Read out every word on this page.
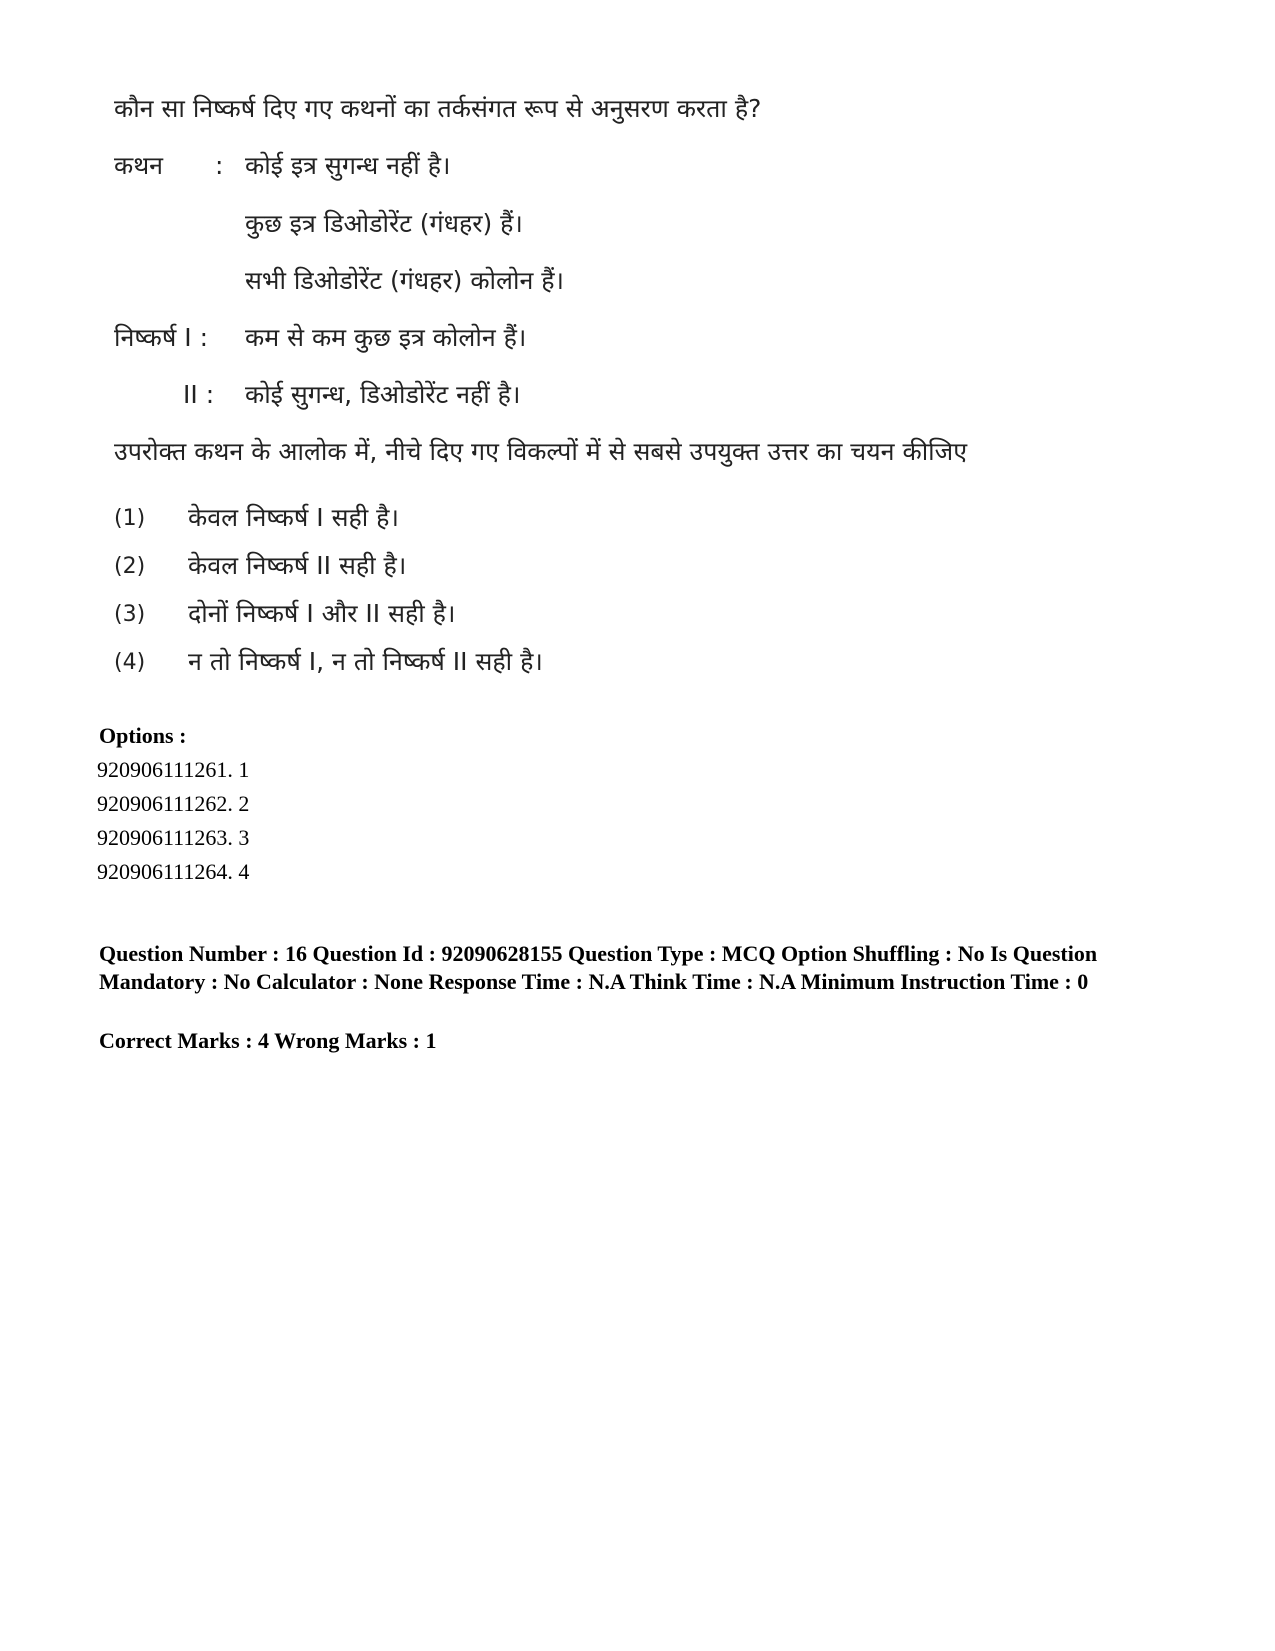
कौन सा निष्कर्ष दिए गए कथनों का तर्कसंगत रूप से अनुसरण करता है?
कथन : कोई इत्र सुगन्ध नहीं है।
कुछ इत्र डिओडोरेंट (गंधहर) हैं।
सभी डिओडोरेंट (गंधहर) कोलोन हैं।
निष्कर्ष I : कम से कम कुछ इत्र कोलोन हैं।
II : कोई सुगन्ध, डिओडोरेंट नहीं है।
उपरोक्त कथन के आलोक में, नीचे दिए गए विकल्पों में से सबसे उपयुक्त उत्तर का चयन कीजिए
(1) केवल निष्कर्ष I सही है।
(2) केवल निष्कर्ष II सही है।
(3) दोनों निष्कर्ष I और II सही है।
(4) न तो निष्कर्ष I, न तो निष्कर्ष II सही है।
Options :
920906111261. 1
920906111262. 2
920906111263. 3
920906111264. 4
Question Number : 16 Question Id : 92090628155 Question Type : MCQ Option Shuffling : No Is Question Mandatory : No Calculator : None Response Time : N.A Think Time : N.A Minimum Instruction Time : 0
Correct Marks : 4 Wrong Marks : 1
